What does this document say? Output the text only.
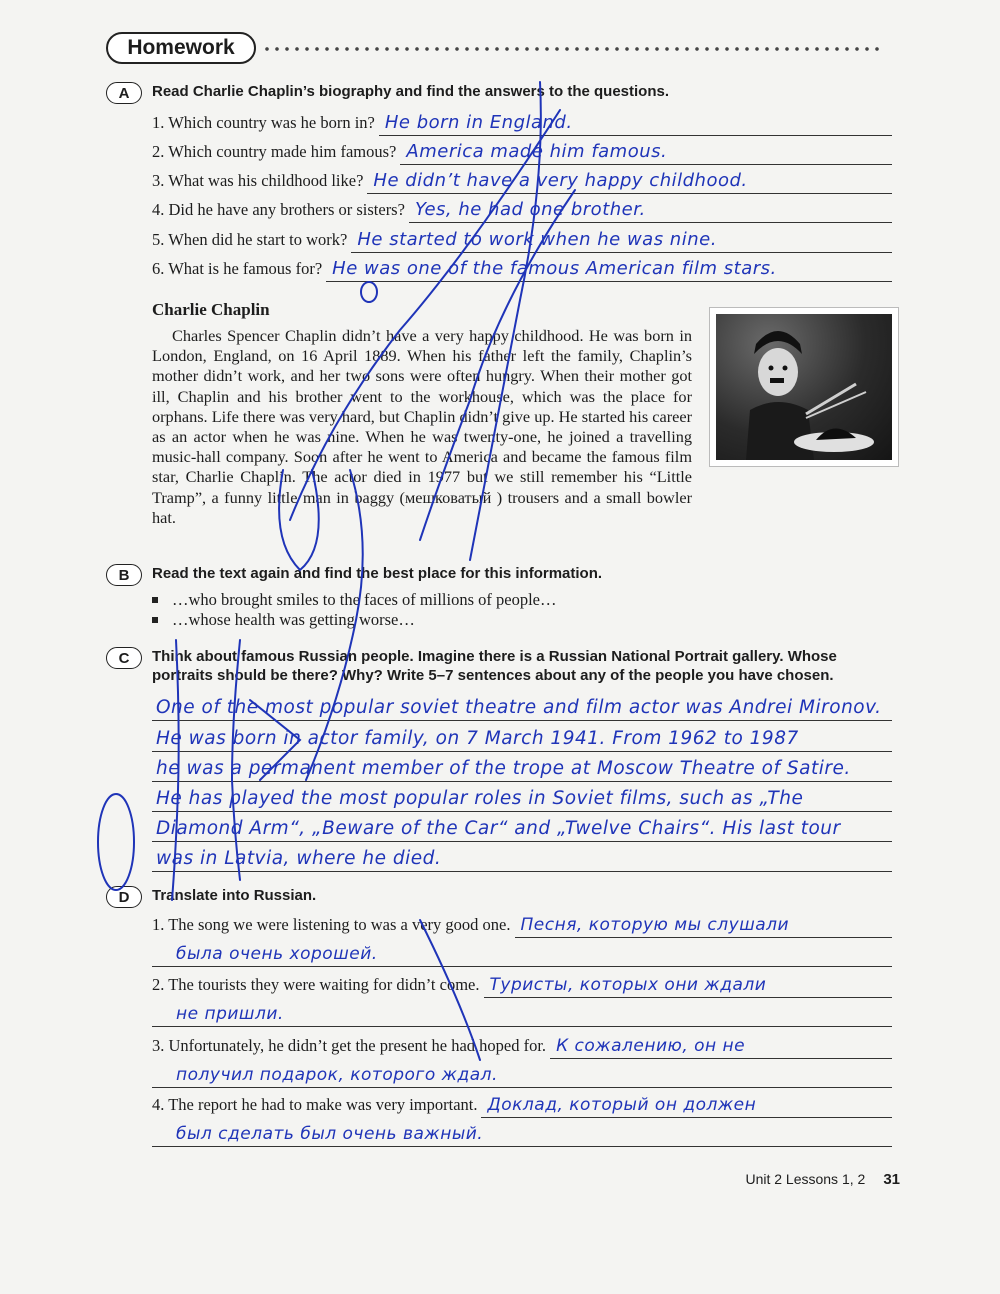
Homework
A	Read Charlie Chaplin’s biography and find the answers to the questions.
1. Which country was he born in? He born in England.
2. Which country made him famous? America made him famous.
3. What was his childhood like? He didn’t have a very happy childhood.
4. Did he have any brothers or sisters? Yes, he had one brother.
5. When did he start to work? He started to work when he was nine.
6. What is he famous for? He was one of the famous American film stars.
Charlie Chaplin
Charles Spencer Chaplin didn’t have a very happy childhood. He was born in London, England, on 16 April 1889. When his father left the family, Chaplin’s mother didn’t work, and her two sons were often hungry. When their mother got ill, Chaplin and his brother went to the workhouse, which was the place for orphans. Life there was very hard, but Chaplin didn’t give up. He started his career as an actor when he was nine. When he was twenty-one, he joined a travelling music-hall company. Soon after he went to America and became the famous film star, Charlie Chaplin. The actor died in 1977 but we still remember his “Little Tramp”, a funny little man in baggy (мешковатый ) trousers and a small bowler hat.
B	Read the text again and find the best place for this information.
…who brought smiles to the faces of millions of people…
…whose health was getting worse…
C	Think about famous Russian people. Imagine there is a Russian National Portrait gallery. Whose portraits should be there? Why? Write 5–7 sentences about any of the people you have chosen.
One of the most popular soviet theatre and film actor was Andrei Mironov.
He was born in actor family, on 7 March 1941. From 1962 to 1987
he was a permanent member of the trope at Moscow Theatre of Satire.
He has played the most popular roles in Soviet films, such as „The
Diamond Arm“, „Beware of the Car“ and „Twelve Chairs“. His last tour
was in Latvia, where he died.
D	Translate into Russian.
1. The song we were listening to was a very good one. Песня, которую мы слушали
была очень хорошей.
2. The tourists they were waiting for didn’t come. Туристы, которых они ждали
не пришли.
3. Unfortunately, he didn’t get the present he had hoped for. К сожалению, он не
получил подарок, которого ждал.
4. The report he had to make was very important. Доклад, который он должен
был сделать был очень важный.
Unit 2 Lessons 1, 2 31
